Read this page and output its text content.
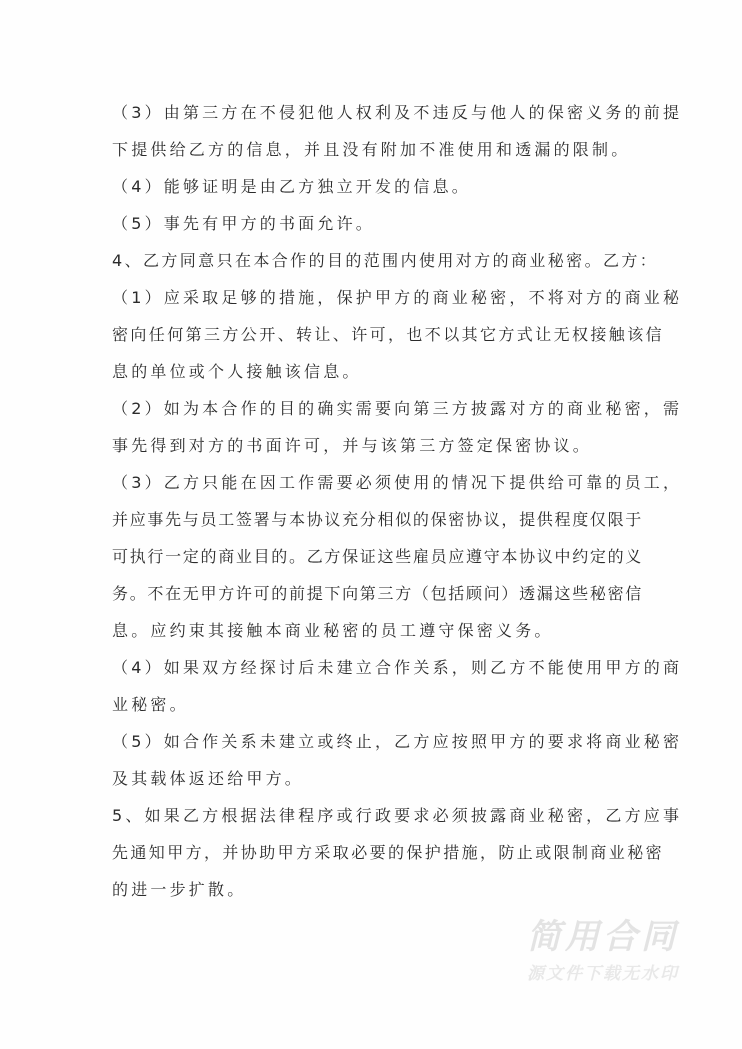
（3）由第三方在不侵犯他人权利及不违反与他人的保密义务的前提
下提供给乙方的信息，并且没有附加不准使用和透漏的限制。
（4）能够证明是由乙方独立开发的信息。
（5）事先有甲方的书面允许。
4、乙方同意只在本合作的目的范围内使用对方的商业秘密。乙方：
（1）应采取足够的措施，保护甲方的商业秘密，不将对方的商业秘
密向任何第三方公开、转让、许可，也不以其它方式让无权接触该信
息的单位或个人接触该信息。
（2）如为本合作的目的确实需要向第三方披露对方的商业秘密，需
事先得到对方的书面许可，并与该第三方签定保密协议。
（3）乙方只能在因工作需要必须使用的情况下提供给可靠的员工，
并应事先与员工签署与本协议充分相似的保密协议，提供程度仅限于
可执行一定的商业目的。乙方保证这些雇员应遵守本协议中约定的义
务。不在无甲方许可的前提下向第三方（包括顾问）透漏这些秘密信
息。应约束其接触本商业秘密的员工遵守保密义务。
（4）如果双方经探讨后未建立合作关系，则乙方不能使用甲方的商
业秘密。
（5）如合作关系未建立或终止，乙方应按照甲方的要求将商业秘密
及其载体返还给甲方。
5、如果乙方根据法律程序或行政要求必须披露商业秘密，乙方应事
先通知甲方，并协助甲方采取必要的保护措施，防止或限制商业秘密
的进一步扩散。
简用合同
源文件下载无水印
